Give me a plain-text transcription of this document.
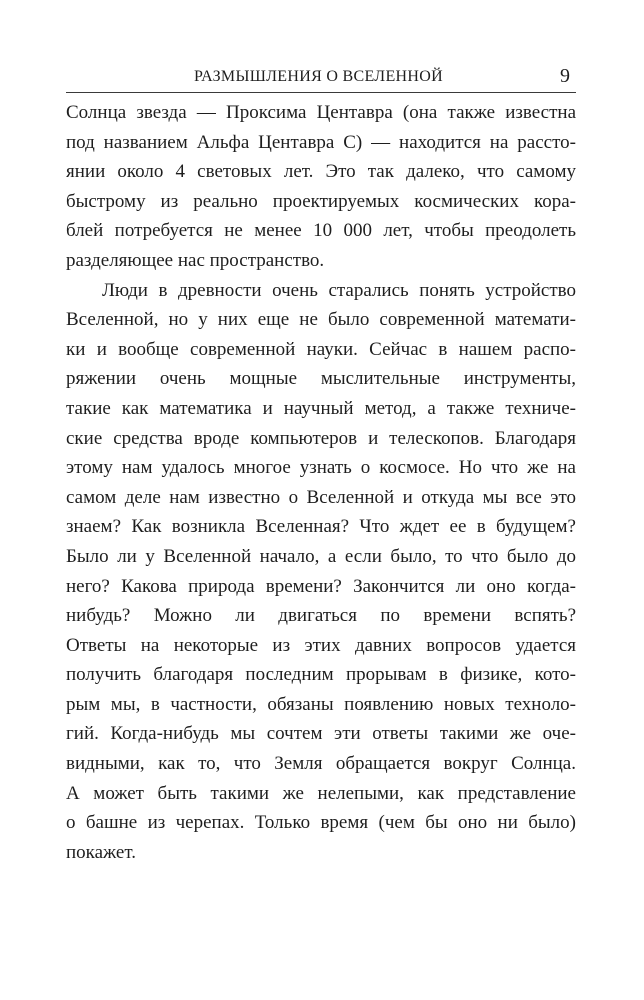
РАЗМЫШЛЕНИЯ О ВСЕЛЕННОЙ	9
Солнца звезда — Проксима Центавра (она также известна
под названием Альфа Центавра С) — находится на рассто-
янии около 4 световых лет. Это так далеко, что самому
быстрому из реально проектируемых космических кора-
блей потребуется не менее 10 000 лет, чтобы преодолеть
разделяющее нас пространство.
Люди в древности очень старались понять устройство
Вселенной, но у них еще не было современной математи-
ки и вообще современной науки. Сейчас в нашем распо-
ряжении очень мощные мыслительные инструменты,
такие как математика и научный метод, а также техниче-
ские средства вроде компьютеров и телескопов. Благодаря
этому нам удалось многое узнать о космосе. Но что же на
самом деле нам известно о Вселенной и откуда мы все это
знаем? Как возникла Вселенная? Что ждет ее в будущем?
Было ли у Вселенной начало, а если было, то что было до
него? Какова природа времени? Закончится ли оно когда-
нибудь? Можно ли двигаться по времени вспять?
Ответы на некоторые из этих давних вопросов удается
получить благодаря последним прорывам в физике, кото-
рым мы, в частности, обязаны появлению новых техноло-
гий. Когда-нибудь мы сочтем эти ответы такими же оче-
видными, как то, что Земля обращается вокруг Солнца.
А может быть такими же нелепыми, как представление
о башне из черепах. Только время (чем бы оно ни было)
покажет.
